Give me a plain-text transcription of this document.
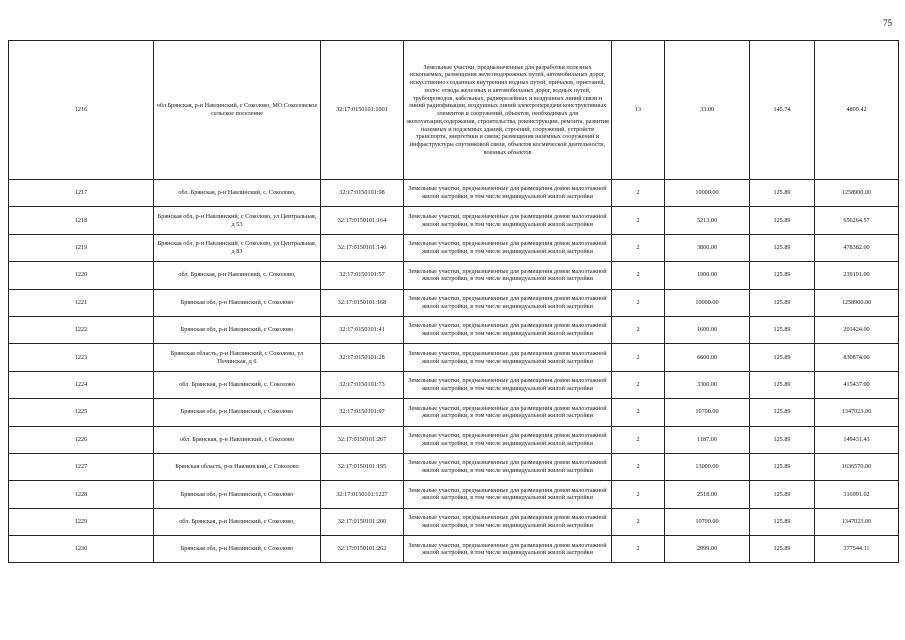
75
1216	обл Брянская, р-н Навлинский, с Соколово, МО Соколовское сельское поселение	32:17:0150101:1001	Земельные участки, предназначенные для разработки полезных ископаемых, размещения железнодорожных путей, автомобильных дорог, искусственно созданных внутренних водных путей, причалов, пристаней, полос отвода железных и автомобильных дорог, водных путей, трубопроводов, кабельных, радиорелейных и воздушных линий связи и линий радиофикации, воздушных линий электропередачи конструктивных элементов и сооружений, объектов, необходимых для эксплуатации,содержания, строительства, реконструкции, ремонта, развития наземных и подземных зданий, строений, сооружений, устройств транспорта, энергетики и связи; размещения наземных сооружений и инфраструктуры спутниковой связи, объектов космической деятельности, военных объектов	13	33.00	145.74	4809.42
1217	обл. Брянская, р-н Навлинский, с. Соколово,	32:17:0150101:98	Земельные участки, предназначенные для размещения домов малоэтажной жилой застройки, в том числе индивидуальной жилой застройки	2	10000.00	125.89	1258900.00
1218	Брянская обл, р-н Навлинский, с Соколово, ул Центральная, д 53	32:17:0150101:164	Земельные участки, предназначенные для размещения домов малоэтажной жилой застройки, в том числе индивидуальной жилой застройки	2	5213.00	125.89	656264.57
1219	Брянская обл, р-н Навлинский, с Соколово, ул Центральная, д 83	32:17:0150101:146	Земельные участки, предназначенные для размещения домов малоэтажной жилой застройки, в том числе индивидуальной жилой застройки	2	3800.00	125.89	478382.00
1220	обл. Брянская, р-н Навлинский, с. Соколово,	32:17:0150101:57	Земельные участки, предназначенные для размещения домов малоэтажной жилой застройки, в том числе индивидуальной жилой застройки	2	1900.00	125.89	239191.00
1221	Брянская обл, р-н Навлинский, с Соколово	32:17:0150101:168	Земельные участки, предназначенные для размещения домов малоэтажной жилой застройки, в том числе индивидуальной жилой застройки	2	10000.00	125.89	1258900.00
1222	Брянская обл, р-н Навлинский, с Соколово	32:17:0150101:41	Земельные участки, предназначенные для размещения домов малоэтажной жилой застройки, в том числе индивидуальной жилой застройки	2	1600.00	125.89	201424.00
1223	Брянская область, р-н Навлинский, с Соколово, ул Печинская, д 6	32:17:0150101:28	Земельные участки, предназначенные для размещения домов малоэтажной жилой застройки, в том числе индивидуальной жилой застройки	2	6600.00	125.89	830874.00
1224	обл. Брянская, р-н Навлинский, с. Соколово	32:17:0150101:73	Земельные участки, предназначенные для размещения домов малоэтажной жилой застройки, в том числе индивидуальной жилой застройки	2	3300.00	125.89	415437.00
1225	Брянская обл, р-н Навлинский, с Соколово	32:17:0150101:97	Земельные участки, предназначенные для размещения домов малоэтажной жилой застройки, в том числе индивидуальной жилой застройки	2	10700.00	125.89	1347023.00
1226	обл. Брянская, р-н Навлинский, с Соколово	32:17:0150101:267	Земельные участки, предназначенные для размещения домов малоэтажной жилой застройки, в том числе индивидуальной жилой застройки	2	1187.00	125.89	149431.43
1227	Брянская область, р-н Навлинский, с Соколово	32:17:0150101:195	Земельные участки, предназначенные для размещения домов малоэтажной жилой застройки, в том числе индивидуальной жилой застройки	2	13000.00	125.89	1636570.00
1228	Брянская обл, р-н Навлинский, с Соколово	32:17:0150101:1227	Земельные участки, предназначенные для размещения домов малоэтажной жилой застройки, в том числе индивидуальной жилой застройки	2	2518.00	125.89	316991.02
1229	обл. Брянская, р-н Навлинский, с Соколово,	32:17:0150101:200	Земельные участки, предназначенные для размещения домов малоэтажной жилой застройки, в том числе индивидуальной жилой застройки	2	10700.00	125.89	1347023.00
1230	Брянская обл, р-н Навлинский, с Соколово	32:17:0150101:262	Земельные участки, предназначенные для размещения домов малоэтажной жилой застройки, в том числе индивидуальной жилой застройки	2	2999.00	125.89	377544.11
